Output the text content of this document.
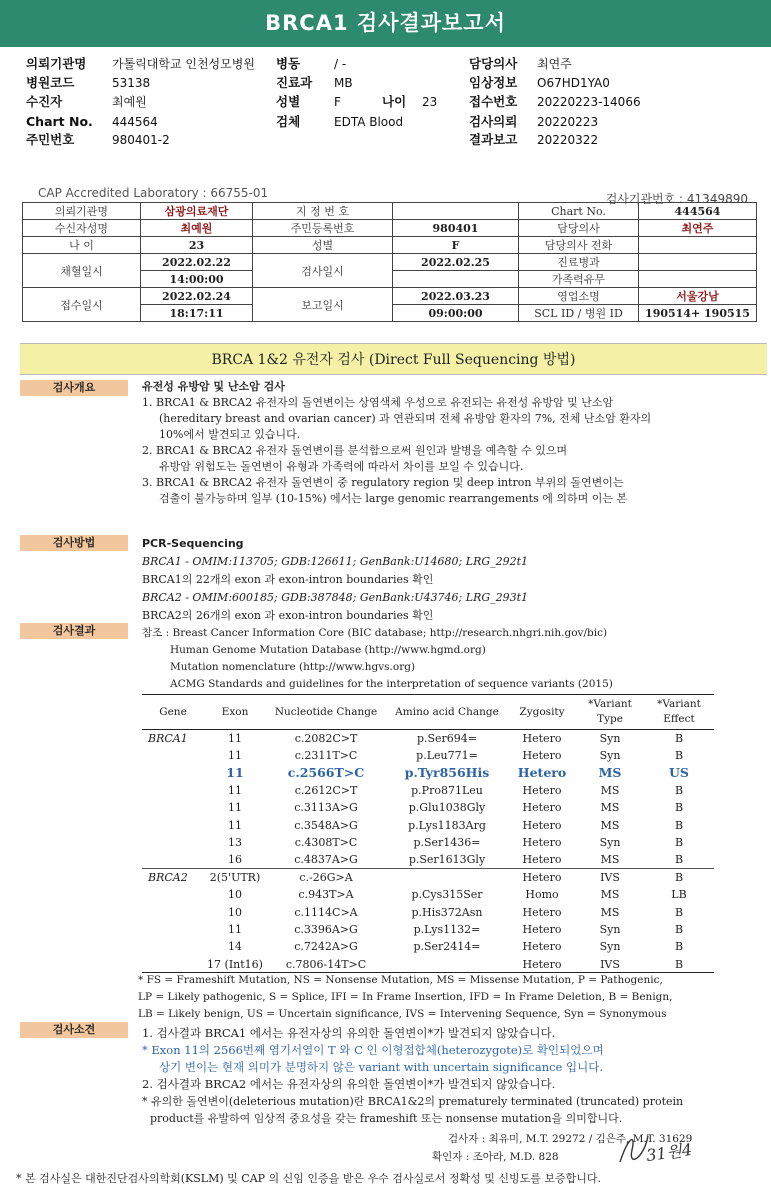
BRCA1 검사결과보고서
의뢰기관명 가톨릭대학교 인천성모병원 병동	/ -	담당의사 최연주
병원코드	53138	진료과 MB	임상정보 O67HD1YA0
수진자	최예원	성별	F	나이 23	접수번호 20220223-14066
Chart No. 444564	검체	EDTA Blood	검사의뢰 20220223
주민번호	980401-2	결과보고 20220322
CAP Accredited Laboratory : 66755-01	검사기관번호 : 41349890
의뢰기관명	삼광의료재단	지 정 번 호		Chart No.	444564
수신자성명	최예원	주민등록번호	980401	담당의사	최연주
나 이	23	성별	F	담당의사 전화	
채혈일시	2022.02.22	검사일시	2022.02.25	진료병과	
	14:00:00			가족력유무	
접수일시	2022.02.24	보고일시	2022.03.23	영업소명	서울강남
	18:17:11		09:00:00	SCL ID / 병원 ID	190514+ 190515
BRCA 1&2 유전자 검사 (Direct Full Sequencing 방법)
검사개요	유전성 유방암 및 난소암 검사

1. BRCA1 & BRCA2 유전자의 돌연변이는 상염색체 우성으로 유전되는 유전성 유방암 및 난소암

(hereditary breast and ovarian cancer) 과 연관되며 전체 유방암 환자의 7%, 전체 난소암 환자의

10%에서 발견되고 있습니다.

2. BRCA1 & BRCA2 유전자 돌연변이를 분석함으로써 원인과 발병을 예측할 수 있으며

유방암 위험도는 돌연변이 유형과 가족력에 따라서 차이를 보일 수 있습니다.

3. BRCA1 & BRCA2 유전자 돌연변이 중 regulatory region 및 deep intron 부위의 돌연변이는

검출이 불가능하며 일부 (10-15%) 에서는 large genomic rearrangements 에 의하며 이는 본

검사방법	PCR-Sequencing

BRCA1 - OMIM:113705; GDB:126611; GenBank:U14680; LRG_292t1

BRCA1의 22개의 exon 과 exon-intron boundaries 확인

BRCA2 - OMIM:600185; GDB:387848; GenBank:U43746; LRG_293t1

BRCA2의 26개의 exon 과 exon-intron boundaries 확인

검사결과	참조 : Breast Cancer Information Core (BIC database; http://research.nhgri.nih.gov/bic)

Human Genome Mutation Database (http://www.hgmd.org)

Mutation nomenclature (http://www.hgvs.org)

ACMG Standards and guidelines for the interpretation of sequence variants (2015)

Gene	Exon	Nucleotide Change	Amino acid Change	Zygosity	*Variant Type	*Variant Effect
BRCA1	11	c.2082C>T	p.Ser694=	Hetero	Syn	B
	11	c.2311T>C	p.Leu771=	Hetero	Syn	B
	11	c.2566T>C	p.Tyr856His	Hetero	MS	US
	11	c.2612C>T	p.Pro871Leu	Hetero	MS	B
	11	c.3113A>G	p.Glu1038Gly	Hetero	MS	B
	11	c.3548A>G	p.Lys1183Arg	Hetero	MS	B
	13	c.4308T>C	p.Ser1436=	Hetero	Syn	B
	16	c.4837A>G	p.Ser1613Gly	Hetero	MS	B
BRCA2	2(5'UTR)	c.-26G>A		Hetero	IVS	B
	10	c.943T>A	p.Cys315Ser	Homo	MS	LB
	10	c.1114C>A	p.His372Asn	Hetero	MS	B
	11	c.3396A>G	p.Lys1132=	Hetero	Syn	B
	14	c.7242A>G	p.Ser2414=	Hetero	Syn	B
	17 (Int16)	c.7806-14T>C		Hetero	IVS	B

* FS = Frameshift Mutation, NS = Nonsense Mutation, MS = Missense Mutation, P = Pathogenic,

LP = Likely pathogenic, S = Splice, IFI = In Frame Insertion, IFD = In Frame Deletion, B = Benign,

LB = Likely benign, US = Uncertain significance, IVS = Intervening Sequence, Syn = Synonymous

검사소견	1. 검사결과 BRCA1 에서는 유전자상의 유의한 돌연변이*가 발견되지 않았습니다.

* Exon 11의 2566번째 염기서열이 T 와 C 인 이형접합체(heterozygote)로 확인되었으며

상기 변이는 현재 의미가 분명하지 않은 variant with uncertain significance 입니다.

2. 검사결과 BRCA2 에서는 유전자상의 유의한 돌연변이*가 발견되지 않았습니다.

* 유의한 돌연변이(deleterious mutation)란 BRCA1&2의 prematurely terminated (truncated) protein

product를 유발하여 임상적 중요성을 갖는 frameshift 또는 nonsense mutation을 의미합니다.

검사자 : 최유미, M.T. 29272 / 김은주, M.T. 31629
확인자 : 조아라, M.D. 828	31원4
* 본 검사실은 대한진단검사의학회(KSLM) 및 CAP 의 신임 인증을 받은 우수 검사실로서 정확성 및 신빙도를 보증합니다.
